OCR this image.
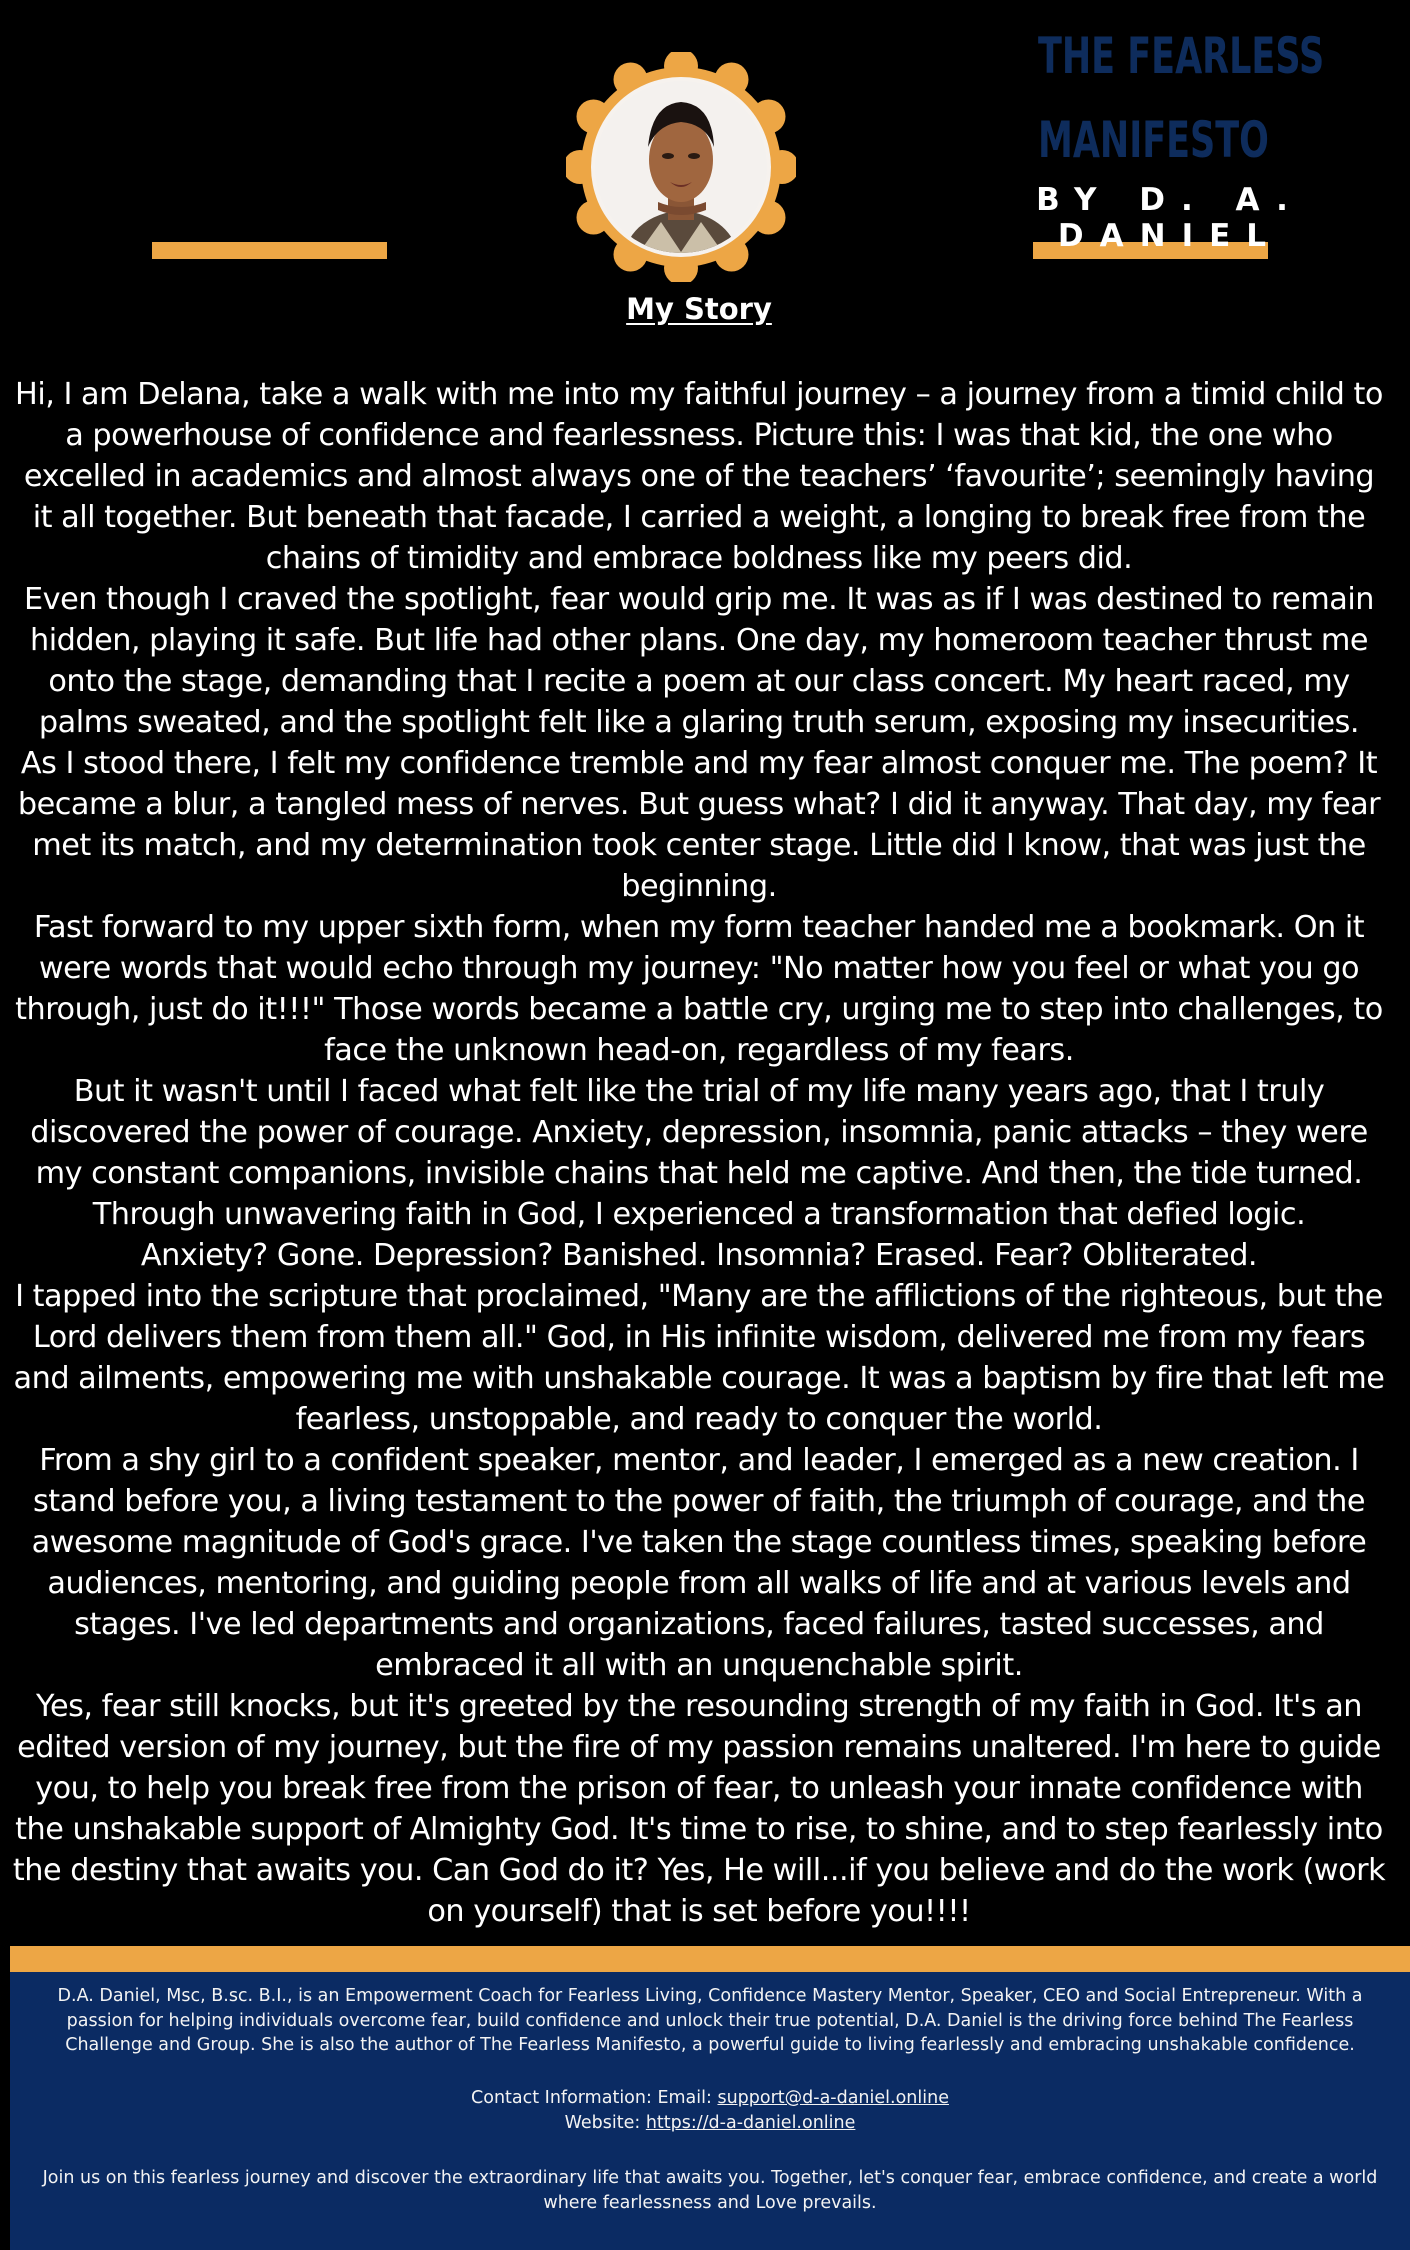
THE FEARLESS
MANIFESTO
BY D. A. DANIEL
My Story

Hi, I am Delana, take a walk with me into my faithful journey – a journey from a timid child to a powerhouse of confidence and fearlessness. Picture this: I was that kid, the one who excelled in academics and almost always one of the teachers’ ‘favourite’; seemingly having it all together. But beneath that facade, I carried a weight, a longing to break free from the chains of timidity and embrace boldness like my peers did.

Even though I craved the spotlight, fear would grip me. It was as if I was destined to remain hidden, playing it safe. But life had other plans. One day, my homeroom teacher thrust me onto the stage, demanding that I recite a poem at our class concert. My heart raced, my palms sweated, and the spotlight felt like a glaring truth serum, exposing my insecurities.

As I stood there, I felt my confidence tremble and my fear almost conquer me. The poem? It became a blur, a tangled mess of nerves. But guess what? I did it anyway. That day, my fear met its match, and my determination took center stage. Little did I know, that was just the beginning.

Fast forward to my upper sixth form, when my form teacher handed me a bookmark. On it were words that would echo through my journey: "No matter how you feel or what you go through, just do it!!!" Those words became a battle cry, urging me to step into challenges, to face the unknown head-on, regardless of my fears.

But it wasn't until I faced what felt like the trial of my life many years ago, that I truly discovered the power of courage. Anxiety, depression, insomnia, panic attacks – they were my constant companions, invisible chains that held me captive. And then, the tide turned. Through unwavering faith in God, I experienced a transformation that defied logic.

Anxiety? Gone. Depression? Banished. Insomnia? Erased. Fear? Obliterated.

I tapped into the scripture that proclaimed, "Many are the afflictions of the righteous, but the Lord delivers them from them all." God, in His infinite wisdom, delivered me from my fears and ailments, empowering me with unshakable courage. It was a baptism by fire that left me fearless, unstoppable, and ready to conquer the world.

From a shy girl to a confident speaker, mentor, and leader, I emerged as a new creation. I stand before you, a living testament to the power of faith, the triumph of courage, and the awesome magnitude of God's grace. I've taken the stage countless times, speaking before audiences, mentoring, and guiding people from all walks of life and at various levels and stages. I've led departments and organizations, faced failures, tasted successes, and embraced it all with an unquenchable spirit.

Yes, fear still knocks, but it's greeted by the resounding strength of my faith in God. It's an edited version of my journey, but the fire of my passion remains unaltered. I'm here to guide you, to help you break free from the prison of fear, to unleash your innate confidence with the unshakable support of Almighty God. It's time to rise, to shine, and to step fearlessly into the destiny that awaits you. Can God do it? Yes, He will...if you believe and do the work (work on yourself) that is set before you!!!!

D.A. Daniel, Msc, B.sc. B.I., is an Empowerment Coach for Fearless Living, Confidence Mastery Mentor, Speaker, CEO and Social Entrepreneur. With a passion for helping individuals overcome fear, build confidence and unlock their true potential, D.A. Daniel is the driving force behind The Fearless Challenge and Group. She is also the author of The Fearless Manifesto, a powerful guide to living fearlessly and embracing unshakable confidence.

Contact Information: Email: support@d-a-daniel.online
Website: https://d-a-daniel.online

Join us on this fearless journey and discover the extraordinary life that awaits you. Together, let's conquer fear, embrace confidence, and create a world where fearlessness and Love prevails.
